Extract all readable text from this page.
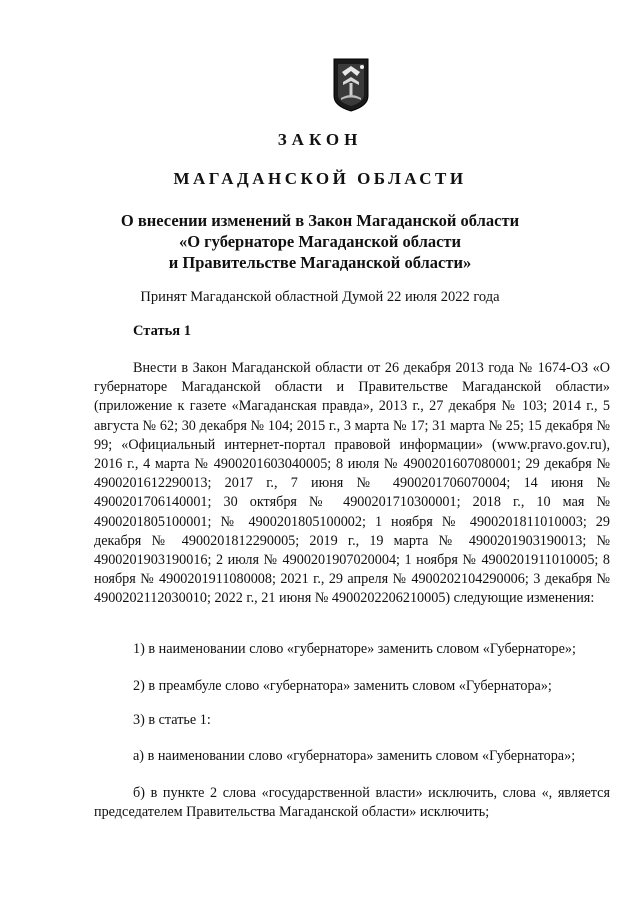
ЗАКОН
МАГАДАНСКОЙ ОБЛАСТИ
О внесении изменений в Закон Магаданской области
«О губернаторе Магаданской области
и Правительстве Магаданской области»
Принят Магаданской областной Думой 22 июля 2022 года
Статья 1
Внести в Закон Магаданской области от 26 декабря 2013 года № 1674-ОЗ «О губернаторе Магаданской области и Правительстве Магаданской области» (приложение к газете «Магаданская правда», 2013 г., 27 декабря № 103; 2014 г., 5 августа № 62; 30 декабря № 104; 2015 г., 3 марта № 17; 31 марта № 25; 15 декабря № 99; «Официальный интернет-портал правовой информации» (www.pravo.gov.ru), 2016 г., 4 марта № 4900201603040005; 8 июля № 4900201607080001; 29 декабря № 4900201612290013; 2017 г., 7 июня № 4900201706070004; 14 июня № 4900201706140001; 30 октября № 4900201710300001; 2018 г., 10 мая № 4900201805100001; № 4900201805100002; 1 ноября № 4900201811010003; 29 декабря № 4900201812290005; 2019 г., 19 марта № 4900201903190013; № 4900201903190016; 2 июля № 4900201907020004; 1 ноября № 4900201911010005; 8 ноября № 4900201911080008; 2021 г., 29 апреля № 4900202104290006; 3 декабря № 4900202112030010; 2022 г., 21 июня № 4900202206210005) следующие изменения:
1) в наименовании слово «губернаторе» заменить словом «Губернаторе»;
2) в преамбуле слово «губернатора» заменить словом «Губернатора»;
3) в статье 1:
а) в наименовании слово «губернатора» заменить словом «Губернатора»;
б) в пункте 2 слова «государственной власти» исключить, слова «, является председателем Правительства Магаданской области» исключить;
